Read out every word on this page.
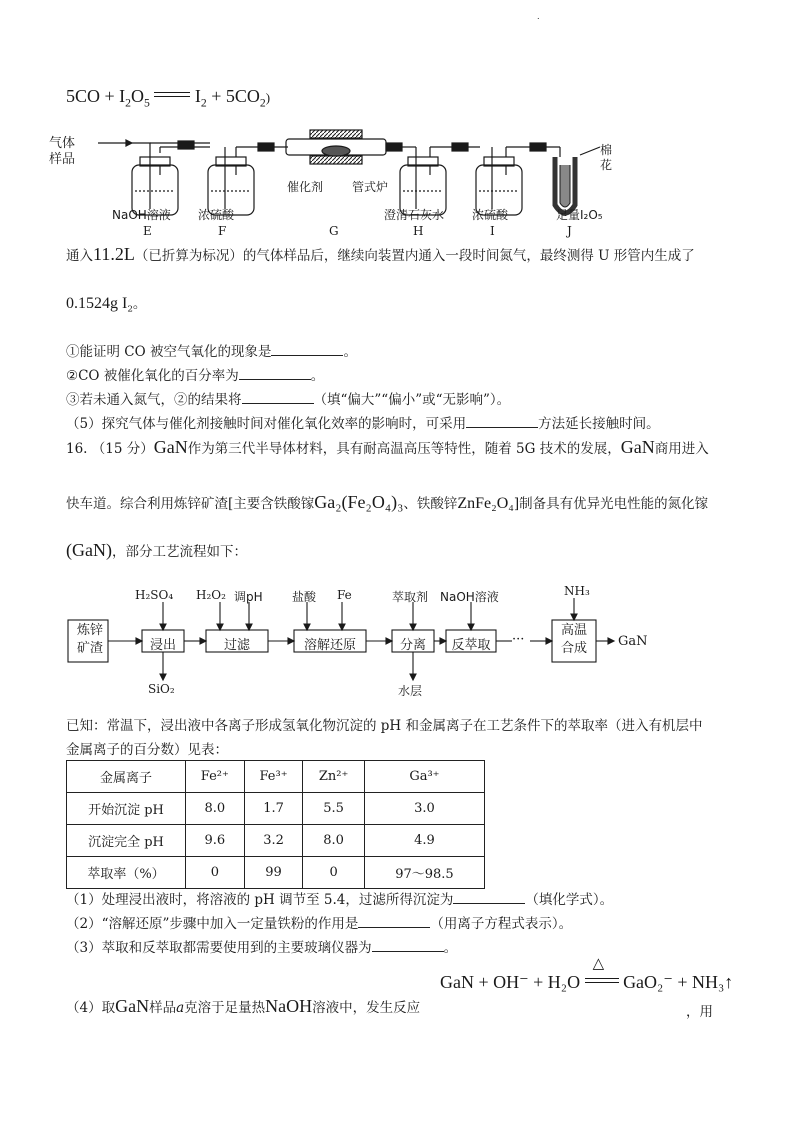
.
$5CO + I_2O_5$	$I_2 + 5CO_2$)
气体
样品
NaOH溶液 浓硫酸
催化剂 管式炉
澄清石灰水 浓硫酸	足量I₂O₅
棉
花
E	F	G	H	I	J
通入11.2L（已折算为标况）的气体样品后，继续向装置内通入一段时间氮气，最终测得 U 形管内生成了
0.1524g $I_2$。
①能证明 CO 被空气氧化的现象是	。
②CO 被催化氧化的百分率为	。
③若未通入氮气，②的结果将	（填“偏大”“偏小”或“无影响”）。
（5）探究气体与催化剂接触时间对催化氧化效率的影响时，可采用	方法延长接触时间。
16. （15 分）GaN作为第三代半导体材料，具有耐高温高压等特性，随着 5G 技术的发展，GaN商用进入
快车道。综合利用炼锌矿渣[主要含铁酸镓Ga₂(Fe₂O₄)₃、铁酸锌ZnFe₂O₄]制备具有优异光电性能的氮化镓
(GaN)，部分工艺流程如下：
炼锌
矿渣	浸出	过滤	溶解还原	分离	反萃取	···
高温
合成	GaN
H₂SO₄ H₂O₂ 调pH 盐酸 Fe	萃取剂 NaOH溶液	NH₃
SiO₂	水层
已知：常温下，浸出液中各离子形成氢氧化物沉淀的 pH 和金属离子在工艺条件下的萃取率（进入有机层中
金属离子的百分数）见表：
金属离子	Fe²⁺	Fe³⁺	Zn²⁺	Ga³⁺
开始沉淀 pH	8.0	1.7	5.5	3.0
沉淀完全 pH	9.6	3.2	8.0	4.9
萃取率（%）	0	99	0	97～98.5
（1）处理浸出液时，将溶液的 pH 调节至 5.4，过滤所得沉淀为	（填化学式）。
（2）“溶解还原”步骤中加入一定量铁粉的作用是	（用离子方程式表示）。
（3）萃取和反萃取都需要使用到的主要玻璃仪器为	。
GaN + OH⁻ + H₂O
△
GaO₂⁻ + NH₃↑
（4）取GaN样品a克溶于足量热NaOH溶液中，发生反应	，用
